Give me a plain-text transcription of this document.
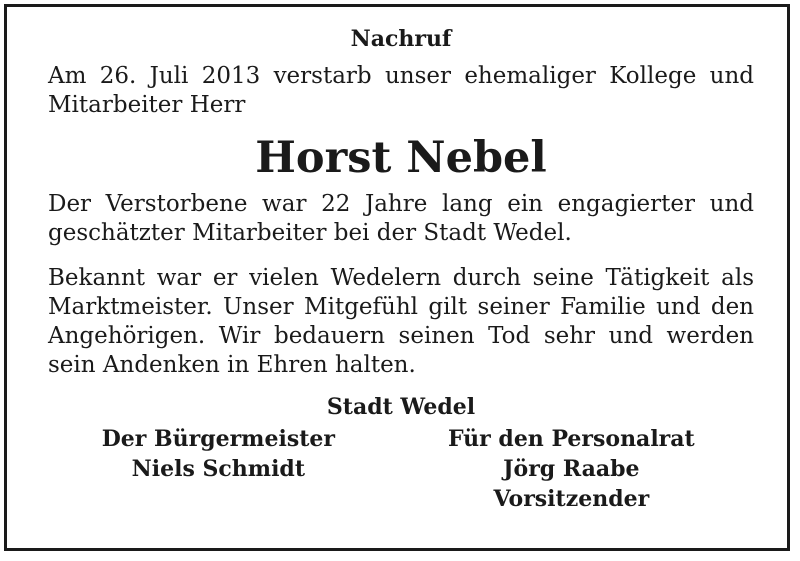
Nachruf

Am 26. Juli 2013 verstarb unser ehemaliger Kollege und Mitarbeiter Herr

Horst Nebel

Der Verstorbene war 22 Jahre lang ein engagierter und geschätzter Mitarbeiter bei der Stadt Wedel.

Bekannt war er vielen Wedelern durch seine Tätigkeit als Marktmeister. Unser Mitgefühl gilt seiner Familie und den Angehörigen. Wir bedauern seinen Tod sehr und werden sein Andenken in Ehren halten.

Stadt Wedel

Der Bürgermeister
Niels Schmidt
Für den Personalrat
Jörg Raabe
Vorsitzender
